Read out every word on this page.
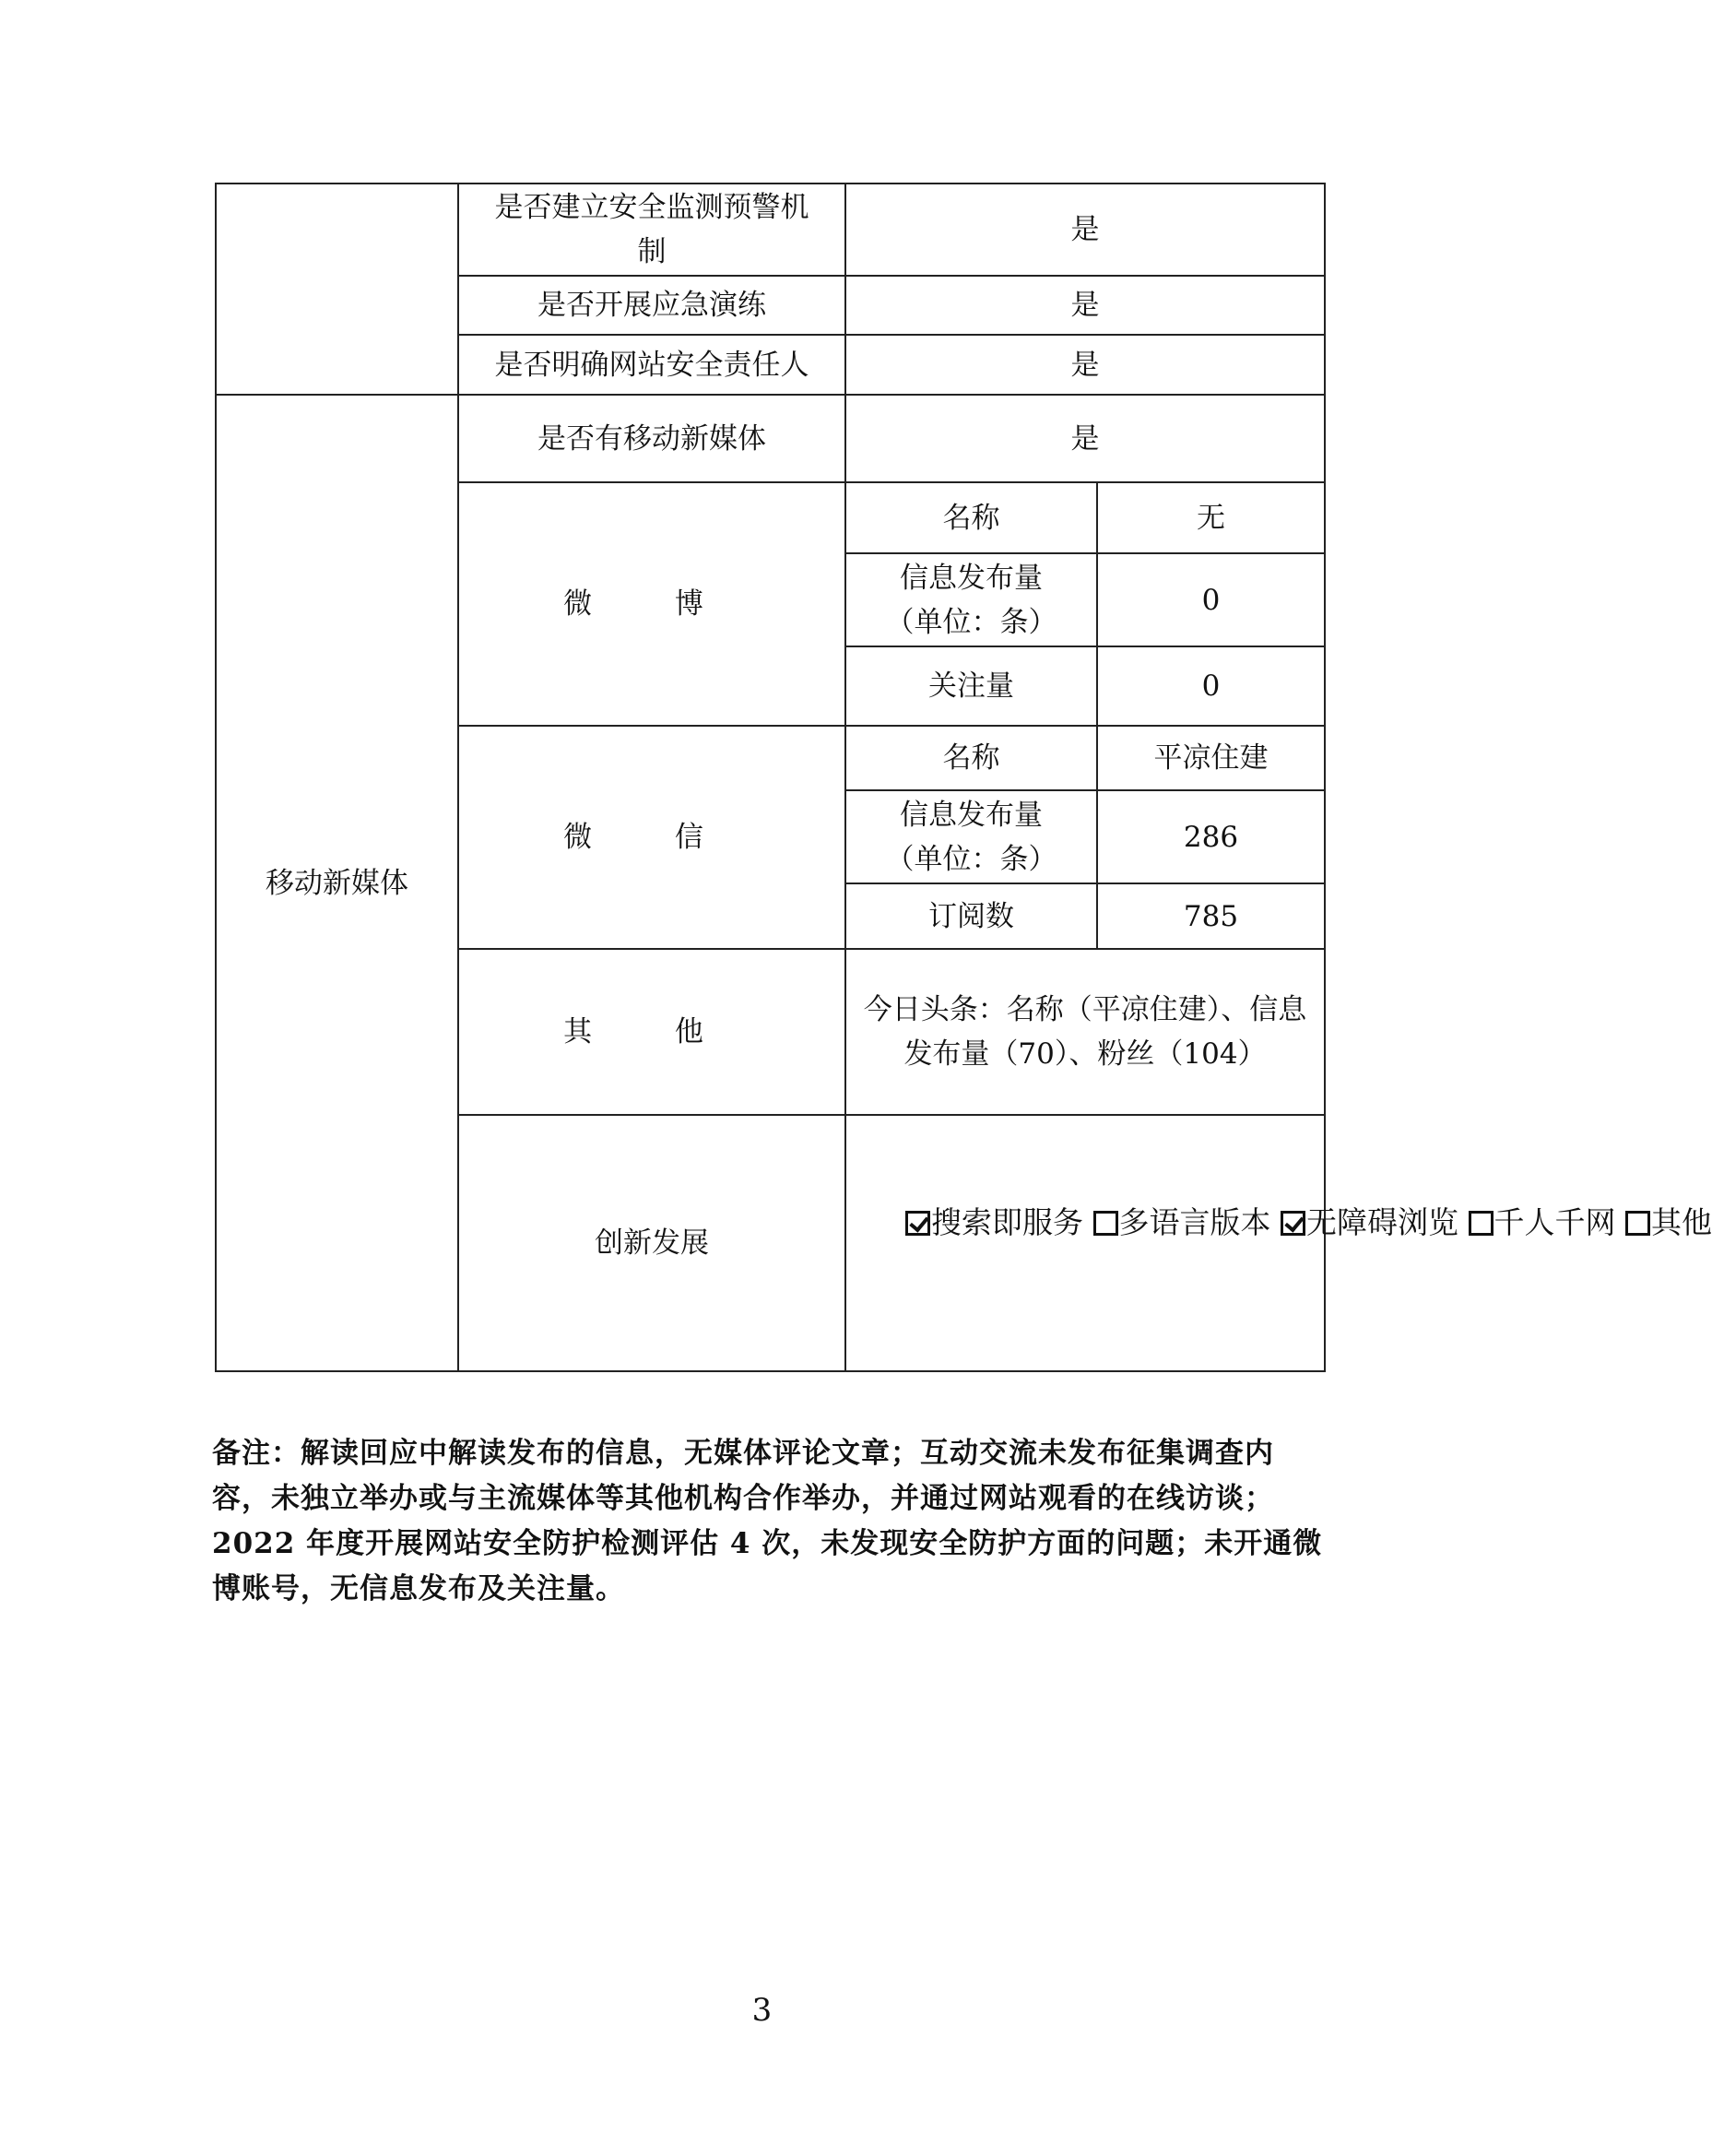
	是否建立安全监测预警机制	是	
	是否开展应急演练	是	
	是否明确网站安全责任人	是	
移动新媒体	是否有移动新媒体	是	
	微 博	名称	无
		信息发布量（单位：条）	0
		关注量	0
	微 信	名称	平凉住建
		信息发布量（单位：条）	286
		订阅数	785
	其 他	今日头条：名称（平凉住建）、信息发布量（70）、粉丝（104）	
	创新发展	搜索即服务 多语言版本 无障碍浏览 千人千网 其他	
备注：解读回应中解读发布的信息，无媒体评论文章；互动交流未发布征集调查内容，未独立举办或与主流媒体等其他机构合作举办，并通过网站观看的在线访谈；2022 年度开展网站安全防护检测评估 4 次，未发现安全防护方面的问题；未开通微博账号，无信息发布及关注量。
3
